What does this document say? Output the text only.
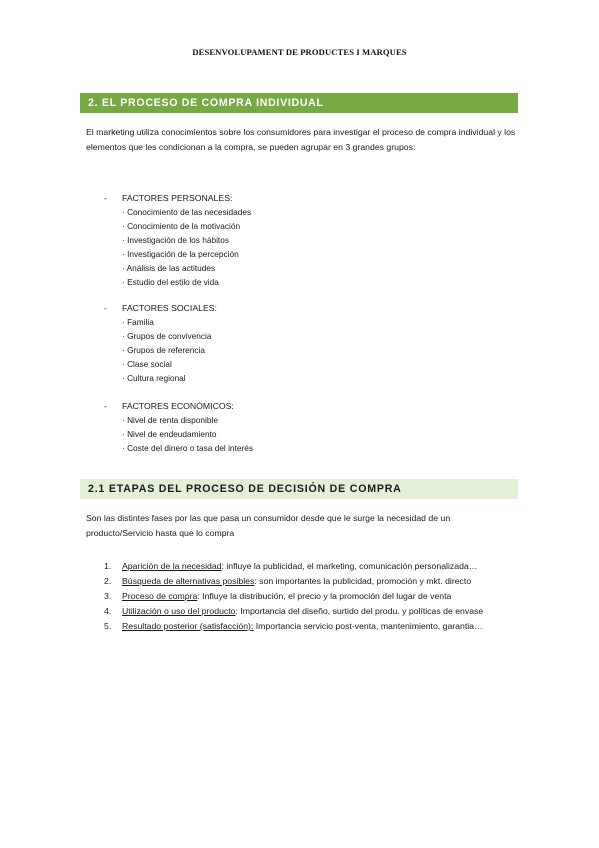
DESENVOLUPAMENT DE PRODUCTES I MARQUES
2. EL PROCESO DE COMPRA INDIVIDUAL
El marketing utiliza conocimientos sobre los consumidores para investigar el proceso de compra individual y los elementos que les condicionan a la compra, se pueden agrupar en 3 grandes grupos:
-	FACTORES PERSONALES:
· Conocimiento de las necesidades
· Conocimiento de la motivación
· Investigación de los hábitos
· Investigación de la percepción
· Análisis de las actitudes
· Estudio del estilo de vida
-	FACTORES SOCIALES:
· Familia
· Grupos de convivencia
· Grupos de referencia
· Clase social
· Cultura regional
-	FACTORES ECONÓMICOS:
· Nivel de renta disponible
· Nivel de endeudamiento
· Coste del dinero o tasa del interés
2.1 ETAPAS DEL PROCESO DE DECISIÓN DE COMPRA
Son las distintes fases por las que pasa un consumidor desde que le surge la necesidad de un producto/Servicio hasta que lo compra
1.	Aparición de la necesidad: influye la publicidad, el marketing, comunicación personalizada…
2.	Búsqueda de alternativas posibles: son importantes la publicidad, promoción y mkt. directo
3.	Proceso de compra: Influye la distribución, el precio y la promoción del lugar de venta
4.	Utilización o uso del producto: Importancia del diseño, surtido del produ. y políticas de envase
5.	Resultado posterior (satisfacción): Importancia servicio post-venta, mantenimiento, garantia…
